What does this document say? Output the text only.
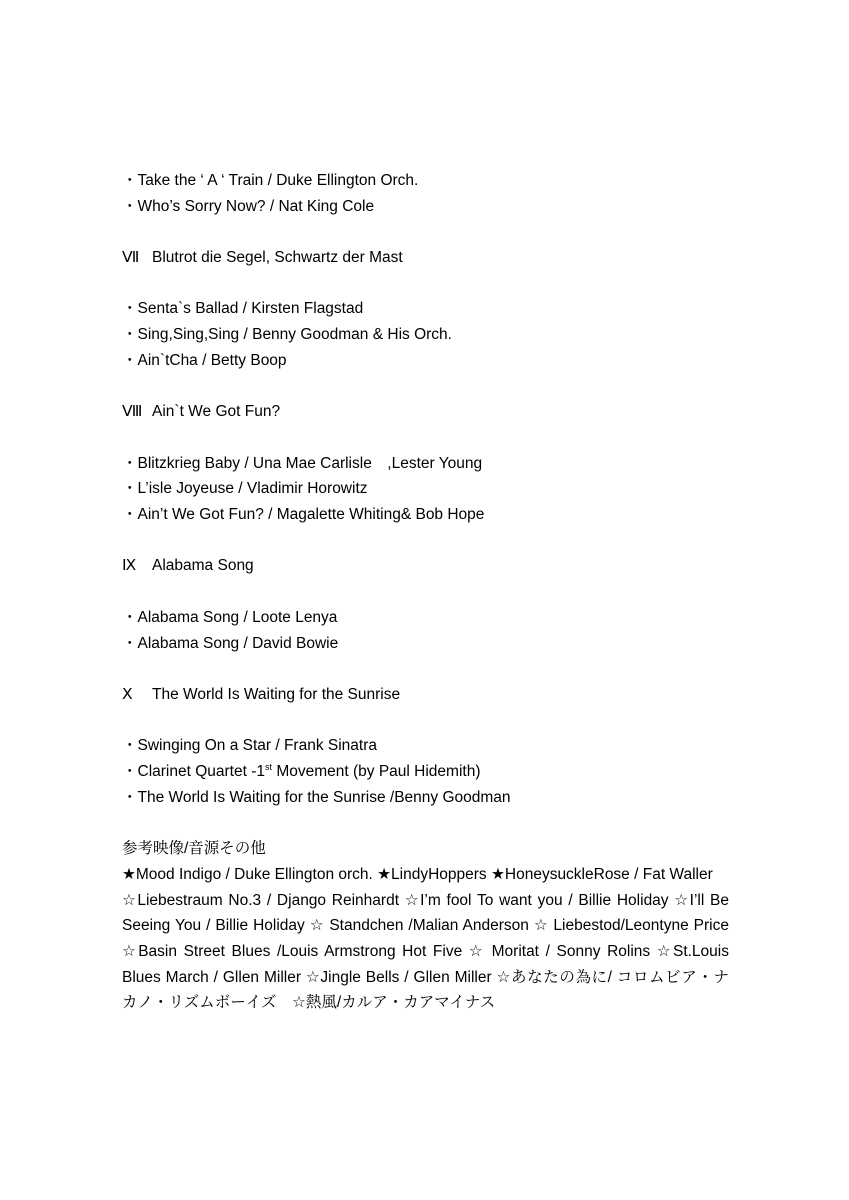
・Take the ‘ A ‘ Train / Duke Ellington Orch.

・Who’s Sorry Now? / Nat King Cole

Ⅶ Blutrot die Segel, Schwartz der Mast

・Senta`s Ballad / Kirsten Flagstad

・Sing,Sing,Sing / Benny Goodman & His Orch.

・Ain`tCha / Betty Boop

Ⅷ Ain`t We Got Fun?

・Blitzkrieg Baby / Una Mae Carlisle　,Lester Young

・L’isle Joyeuse / Vladimir Horowitz

・Ain’t We Got Fun? / Magalette Whiting& Bob Hope

Ⅸ Alabama Song

・Alabama Song / Loote Lenya

・Alabama Song / David Bowie

Ⅹ The World Is Waiting for the Sunrise

・Swinging On a Star / Frank Sinatra

・Clarinet Quartet -1st Movement (by Paul Hidemith)

・The World Is Waiting for the Sunrise /Benny Goodman

参考映像/音源その他

★Mood Indigo / Duke Ellington orch. ★LindyHoppers ★HoneysuckleRose / Fat Waller

☆Liebestraum No.3 / Django Reinhardt ☆I’m fool To want you / Billie Holiday ☆I’ll Be Seeing You / Billie Holiday ☆ Standchen /Malian Anderson ☆ Liebestod/Leontyne Price ☆Basin Street Blues /Louis Armstrong Hot Five ☆ Moritat / Sonny Rolins ☆St.Louis Blues March / Gllen Miller ☆Jingle Bells / Gllen Miller ☆あなたの為に/ コロムビア・ナカノ・リズムボーイズ　☆熱風/カルア・カアマイナス
